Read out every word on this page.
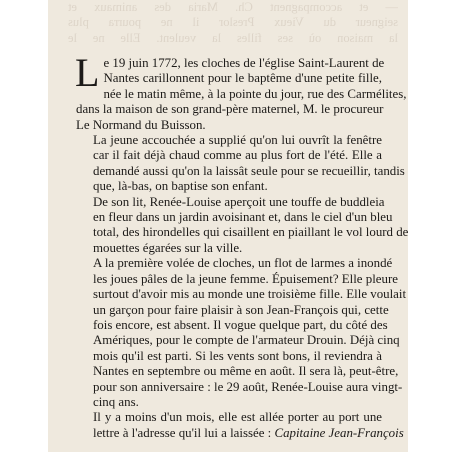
— et accompagnent Ch. Maria des animaux et
seigneur du Vieux Preslor il ne pourra plus
la maison où ses filles la veulent. Elle ne le

L e 19 juin 1772, les cloches de l'église Saint-Laurent de
Nantes carillonnent pour le baptême d'une petite fille,
née le matin même, à la pointe du jour, rue des Carmélites,
dans la maison de son grand-père maternel, M. le procureur
Le Normand du Buisson.

La jeune accouchée a supplié qu'on lui ouvrît la fenêtre
car il fait déjà chaud comme au plus fort de l'été. Elle a
demandé aussi qu'on la laissât seule pour se recueillir, tandis
que, là-bas, on baptise son enfant.

De son lit, Renée-Louise aperçoit une touffe de buddleia
en fleur dans un jardin avoisinant et, dans le ciel d'un bleu
total, des hirondelles qui cisaillent en piaillant le vol lourd de
mouettes égarées sur la ville.

A la première volée de cloches, un flot de larmes a inondé
les joues pâles de la jeune femme. Épuisement? Elle pleure
surtout d'avoir mis au monde une troisième fille. Elle voulait
un garçon pour faire plaisir à son Jean-François qui, cette
fois encore, est absent. Il vogue quelque part, du côté des
Amériques, pour le compte de l'armateur Drouin. Déjà cinq
mois qu'il est parti. Si les vents sont bons, il reviendra à
Nantes en septembre ou même en août. Il sera là, peut-être,
pour son anniversaire : le 29 août, Renée-Louise aura vingt-
cinq ans.

Il y a moins d'un mois, elle est allée porter au port une
lettre à l'adresse qu'il lui a laissée : Capitaine Jean-François
